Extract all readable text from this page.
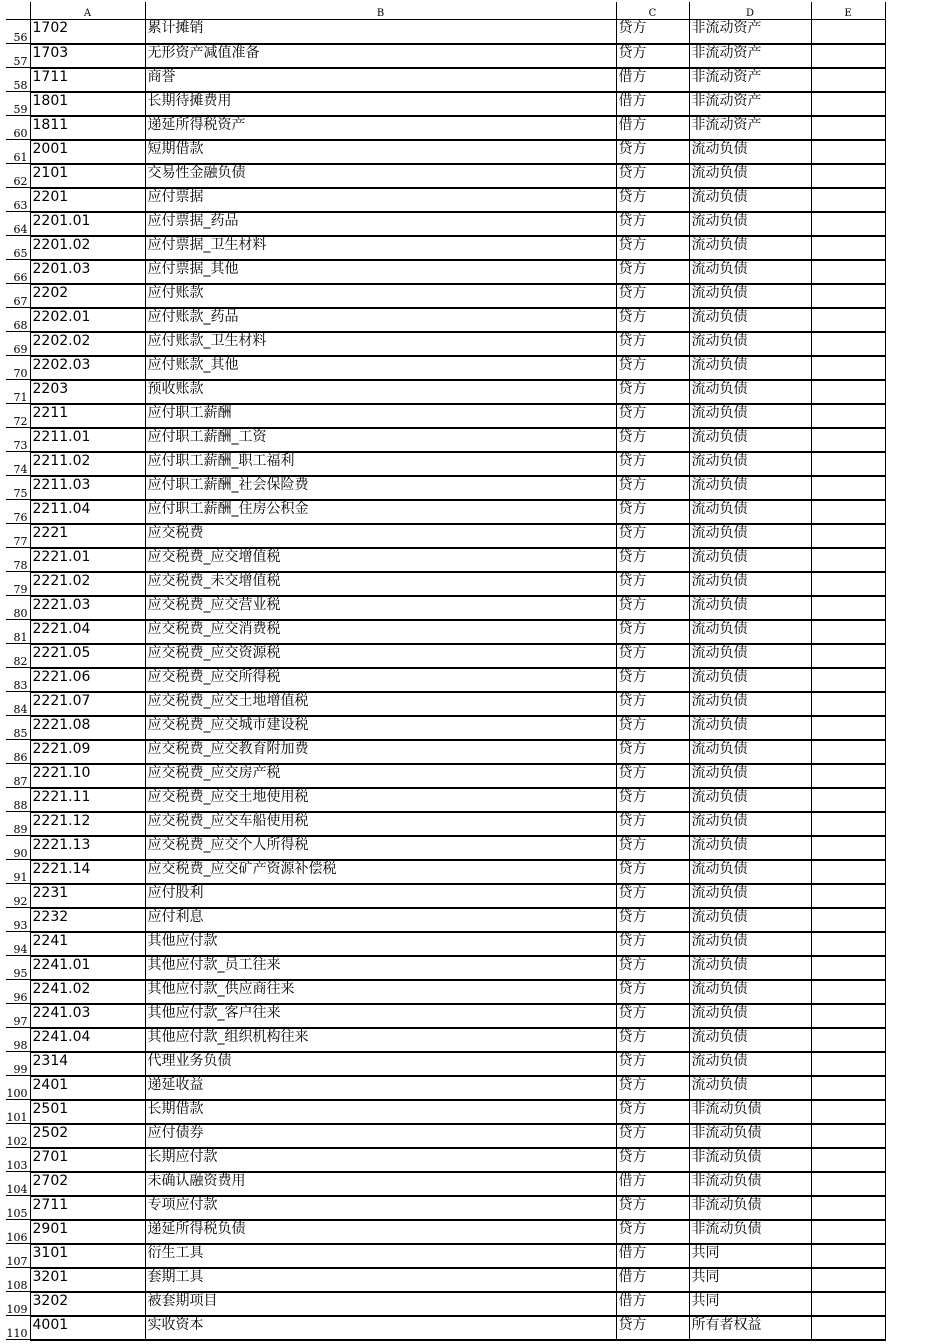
	A	B	C	D	E
56	1702	累计摊销	贷方	非流动资产	
57	1703	无形资产减值准备	贷方	非流动资产	
58	1711	商誉	借方	非流动资产	
59	1801	长期待摊费用	借方	非流动资产	
60	1811	递延所得税资产	借方	非流动资产	
61	2001	短期借款	贷方	流动负债	
62	2101	交易性金融负债	贷方	流动负债	
63	2201	应付票据	贷方	流动负债	
64	2201.01	应付票据_药品	贷方	流动负债	
65	2201.02	应付票据_卫生材料	贷方	流动负债	
66	2201.03	应付票据_其他	贷方	流动负债	
67	2202	应付账款	贷方	流动负债	
68	2202.01	应付账款_药品	贷方	流动负债	
69	2202.02	应付账款_卫生材料	贷方	流动负债	
70	2202.03	应付账款_其他	贷方	流动负债	
71	2203	预收账款	贷方	流动负债	
72	2211	应付职工薪酬	贷方	流动负债	
73	2211.01	应付职工薪酬_工资	贷方	流动负债	
74	2211.02	应付职工薪酬_职工福利	贷方	流动负债	
75	2211.03	应付职工薪酬_社会保险费	贷方	流动负债	
76	2211.04	应付职工薪酬_住房公积金	贷方	流动负债	
77	2221	应交税费	贷方	流动负债	
78	2221.01	应交税费_应交增值税	贷方	流动负债	
79	2221.02	应交税费_未交增值税	贷方	流动负债	
80	2221.03	应交税费_应交营业税	贷方	流动负债	
81	2221.04	应交税费_应交消费税	贷方	流动负债	
82	2221.05	应交税费_应交资源税	贷方	流动负债	
83	2221.06	应交税费_应交所得税	贷方	流动负债	
84	2221.07	应交税费_应交土地增值税	贷方	流动负债	
85	2221.08	应交税费_应交城市建设税	贷方	流动负债	
86	2221.09	应交税费_应交教育附加费	贷方	流动负债	
87	2221.10	应交税费_应交房产税	贷方	流动负债	
88	2221.11	应交税费_应交土地使用税	贷方	流动负债	
89	2221.12	应交税费_应交车船使用税	贷方	流动负债	
90	2221.13	应交税费_应交个人所得税	贷方	流动负债	
91	2221.14	应交税费_应交矿产资源补偿税	贷方	流动负债	
92	2231	应付股利	贷方	流动负债	
93	2232	应付利息	贷方	流动负债	
94	2241	其他应付款	贷方	流动负债	
95	2241.01	其他应付款_员工往来	贷方	流动负债	
96	2241.02	其他应付款_供应商往来	贷方	流动负债	
97	2241.03	其他应付款_客户往来	贷方	流动负债	
98	2241.04	其他应付款_组织机构往来	贷方	流动负债	
99	2314	代理业务负债	贷方	流动负债	
100	2401	递延收益	贷方	流动负债	
101	2501	长期借款	贷方	非流动负债	
102	2502	应付债券	贷方	非流动负债	
103	2701	长期应付款	贷方	非流动负债	
104	2702	未确认融资费用	借方	非流动负债	
105	2711	专项应付款	贷方	非流动负债	
106	2901	递延所得税负债	贷方	非流动负债	
107	3101	衍生工具	借方	共同	
108	3201	套期工具	借方	共同	
109	3202	被套期项目	借方	共同	
110	4001	实收资本	贷方	所有者权益	
